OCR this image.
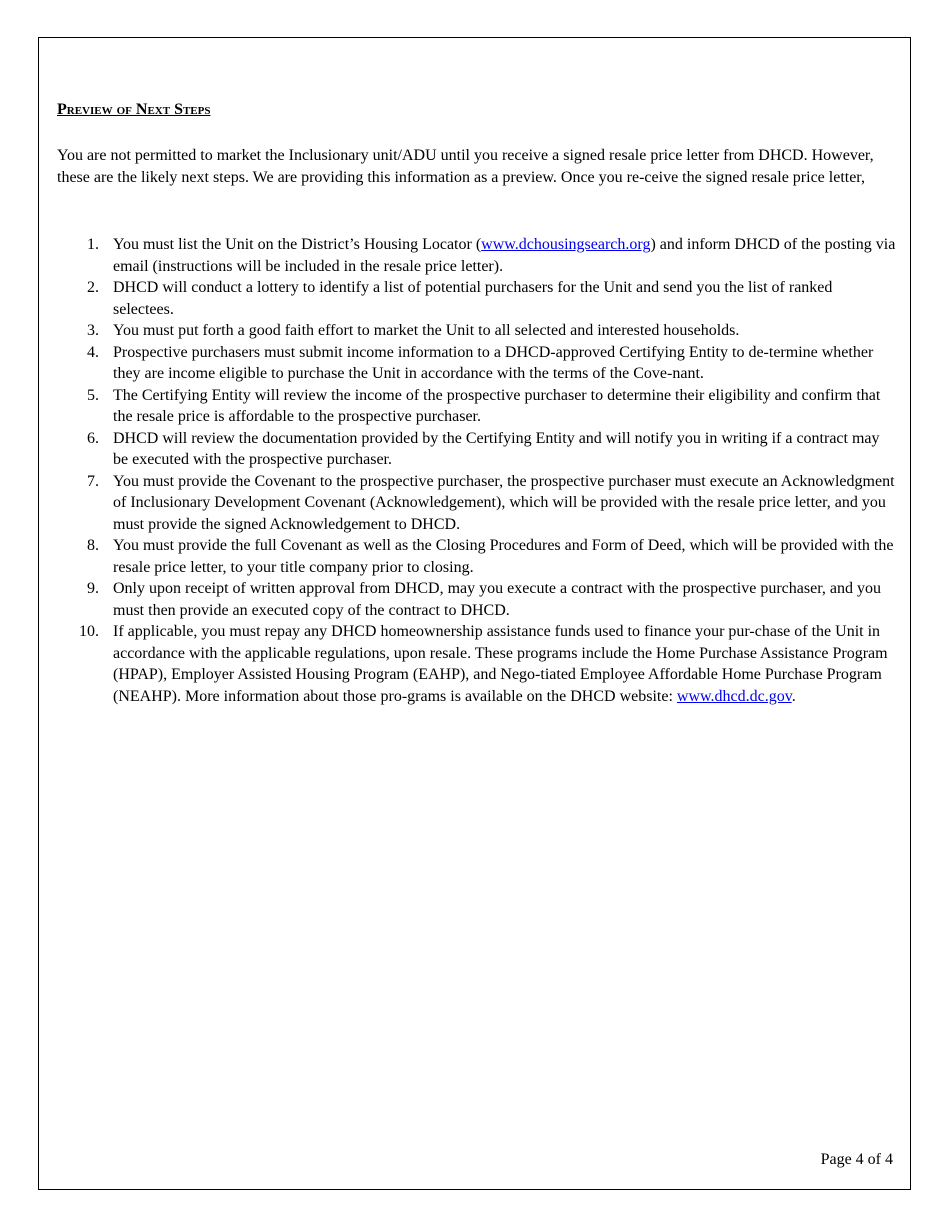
Preview of Next Steps

You are not permitted to market the Inclusionary unit/ADU until you receive a signed resale price letter from DHCD. However, these are the likely next steps. We are providing this information as a preview. Once you re-ceive the signed resale price letter,

1. You must list the Unit on the District’s Housing Locator (www.dchousingsearch.org) and inform DHCD of the posting via email (instructions will be included in the resale price letter).
2. DHCD will conduct a lottery to identify a list of potential purchasers for the Unit and send you the list of ranked selectees.
3. You must put forth a good faith effort to market the Unit to all selected and interested households.
4. Prospective purchasers must submit income information to a DHCD-approved Certifying Entity to de-termine whether they are income eligible to purchase the Unit in accordance with the terms of the Cove-nant.
5. The Certifying Entity will review the income of the prospective purchaser to determine their eligibility and confirm that the resale price is affordable to the prospective purchaser.
6. DHCD will review the documentation provided by the Certifying Entity and will notify you in writing if a contract may be executed with the prospective purchaser.
7. You must provide the Covenant to the prospective purchaser, the prospective purchaser must execute an Acknowledgment of Inclusionary Development Covenant (Acknowledgement), which will be provided with the resale price letter, and you must provide the signed Acknowledgement to DHCD.
8. You must provide the full Covenant as well as the Closing Procedures and Form of Deed, which will be provided with the resale price letter, to your title company prior to closing.
9. Only upon receipt of written approval from DHCD, may you execute a contract with the prospective purchaser, and you must then provide an executed copy of the contract to DHCD.
10. If applicable, you must repay any DHCD homeownership assistance funds used to finance your pur-chase of the Unit in accordance with the applicable regulations, upon resale. These programs include the Home Purchase Assistance Program (HPAP), Employer Assisted Housing Program (EAHP), and Nego-tiated Employee Affordable Home Purchase Program (NEAHP). More information about those pro-grams is available on the DHCD website: www.dhcd.dc.gov.
Page 4 of 4
